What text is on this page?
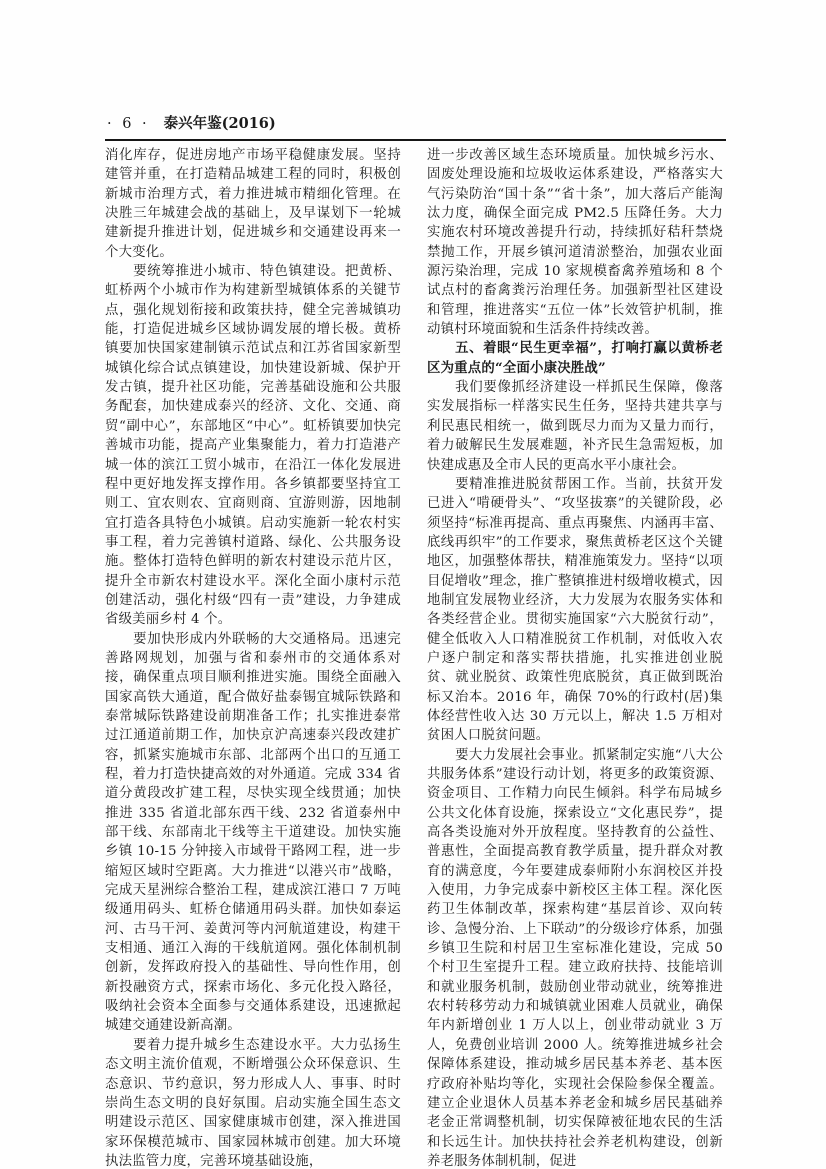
· 6 · 泰兴年鉴(2016)

消化库存，促进房地产市场平稳健康发展。坚持建管并重，在打造精品城建工程的同时，积极创新城市治理方式，着力推进城市精细化管理。在决胜三年城建会战的基础上，及早谋划下一轮城建新提升推进计划，促进城乡和交通建设再来一个大变化。

要统筹推进小城市、特色镇建设。把黄桥、虹桥两个小城市作为构建新型城镇体系的关键节点，强化规划衔接和政策扶持，健全完善城镇功能，打造促进城乡区域协调发展的增长极。黄桥镇要加快国家建制镇示范试点和江苏省国家新型城镇化综合试点镇建设，加快建设新城、保护开发古镇，提升社区功能，完善基础设施和公共服务配套，加快建成泰兴的经济、文化、交通、商贸“副中心”，东部地区“中心”。虹桥镇要加快完善城市功能，提高产业集聚能力，着力打造港产城一体的滨江工贸小城市，在沿江一体化发展进程中更好地发挥支撑作用。各乡镇都要坚持宜工则工、宜农则农、宜商则商、宜游则游，因地制宜打造各具特色小城镇。启动实施新一轮农村实事工程，着力完善镇村道路、绿化、公共服务设施。整体打造特色鲜明的新农村建设示范片区，提升全市新农村建设水平。深化全面小康村示范创建活动，强化村级“四有一责”建设，力争建成省级美丽乡村 4 个。

要加快形成内外联畅的大交通格局。迅速完善路网规划，加强与省和泰州市的交通体系对接，确保重点项目顺利推进实施。围绕全面融入国家高铁大通道，配合做好盐泰锡宜城际铁路和泰常城际铁路建设前期准备工作；扎实推进泰常过江通道前期工作，加快京沪高速泰兴段改建扩容，抓紧实施城市东部、北部两个出口的互通工程，着力打造快捷高效的对外通道。完成 334 省道分黄段改扩建工程，尽快实现全线贯通；加快推进 335 省道北部东西干线、232 省道泰州中部干线、东部南北干线等主干道建设。加快实施乡镇 10-15 分钟接入市域骨干路网工程，进一步缩短区域时空距离。大力推进“以港兴市”战略，完成天星洲综合整治工程，建成滨江港口 7 万吨级通用码头、虹桥仓储通用码头群。加快如泰运河、古马干河、姜黄河等内河航道建设，构建干支相通、通江入海的干线航道网。强化体制机制创新，发挥政府投入的基础性、导向性作用，创新投融资方式，探索市场化、多元化投入路径，吸纳社会资本全面参与交通体系建设，迅速掀起城建交通建设新高潮。

要着力提升城乡生态建设水平。大力弘扬生态文明主流价值观，不断增强公众环保意识、生态意识、节约意识，努力形成人人、事事、时时崇尚生态文明的良好氛围。启动实施全国生态文明建设示范区、国家健康城市创建，深入推进国家环保模范城市、国家园林城市创建。加大环境执法监管力度，完善环境基础设施，

进一步改善区域生态环境质量。加快城乡污水、固废处理设施和垃圾收运体系建设，严格落实大气污染防治“国十条”“省十条”，加大落后产能淘汰力度，确保全面完成 PM2.5 压降任务。大力实施农村环境改善提升行动，持续抓好秸秆禁烧禁抛工作，开展乡镇河道清淤整治，加强农业面源污染治理，完成 10 家规模畜禽养殖场和 8 个试点村的畜禽粪污治理任务。加强新型社区建设和管理，推进落实“五位一体”长效管护机制，推动镇村环境面貌和生活条件持续改善。

五、着眼“民生更幸福”，打响打赢以黄桥老区为重点的“全面小康决胜战”

我们要像抓经济建设一样抓民生保障，像落实发展指标一样落实民生任务，坚持共建共享与利民惠民相统一，做到既尽力而为又量力而行，着力破解民生发展难题，补齐民生急需短板，加快建成惠及全市人民的更高水平小康社会。

要精准推进脱贫帮困工作。当前，扶贫开发已进入“啃硬骨头”、“攻坚拔寨”的关键阶段，必须坚持“标准再提高、重点再聚焦、内涵再丰富、底线再织牢”的工作要求，聚焦黄桥老区这个关键地区，加强整体帮扶，精准施策发力。坚持“以项目促增收”理念，推广整镇推进村级增收模式，因地制宜发展物业经济，大力发展为农服务实体和各类经营企业。贯彻实施国家“六大脱贫行动”，健全低收入人口精准脱贫工作机制，对低收入农户逐户制定和落实帮扶措施，扎实推进创业脱贫、就业脱贫、政策性兜底脱贫，真正做到既治标又治本。2016 年，确保 70%的行政村(居)集体经营性收入达 30 万元以上，解决 1.5 万相对贫困人口脱贫问题。

要大力发展社会事业。抓紧制定实施“八大公共服务体系”建设行动计划，将更多的政策资源、资金项目、工作精力向民生倾斜。科学布局城乡公共文化体育设施，探索设立“文化惠民券”，提高各类设施对外开放程度。坚持教育的公益性、普惠性，全面提高教育教学质量，提升群众对教育的满意度，今年要建成泰师附小东润校区并投入使用，力争完成泰中新校区主体工程。深化医药卫生体制改革，探索构建“基层首诊、双向转诊、急慢分治、上下联动”的分级诊疗体系，加强乡镇卫生院和村居卫生室标准化建设，完成 50 个村卫生室提升工程。建立政府扶持、技能培训和就业服务机制，鼓励创业带动就业，统筹推进农村转移劳动力和城镇就业困难人员就业，确保年内新增创业 1 万人以上，创业带动就业 3 万人，免费创业培训 2000 人。统筹推进城乡社会保障体系建设，推动城乡居民基本养老、基本医疗政府补贴均等化，实现社会保险参保全覆盖。建立企业退休人员基本养老金和城乡居民基础养老金正常调整机制，切实保障被征地农民的生活和长远生计。加快扶持社会养老机构建设，创新养老服务体制机制，促进
